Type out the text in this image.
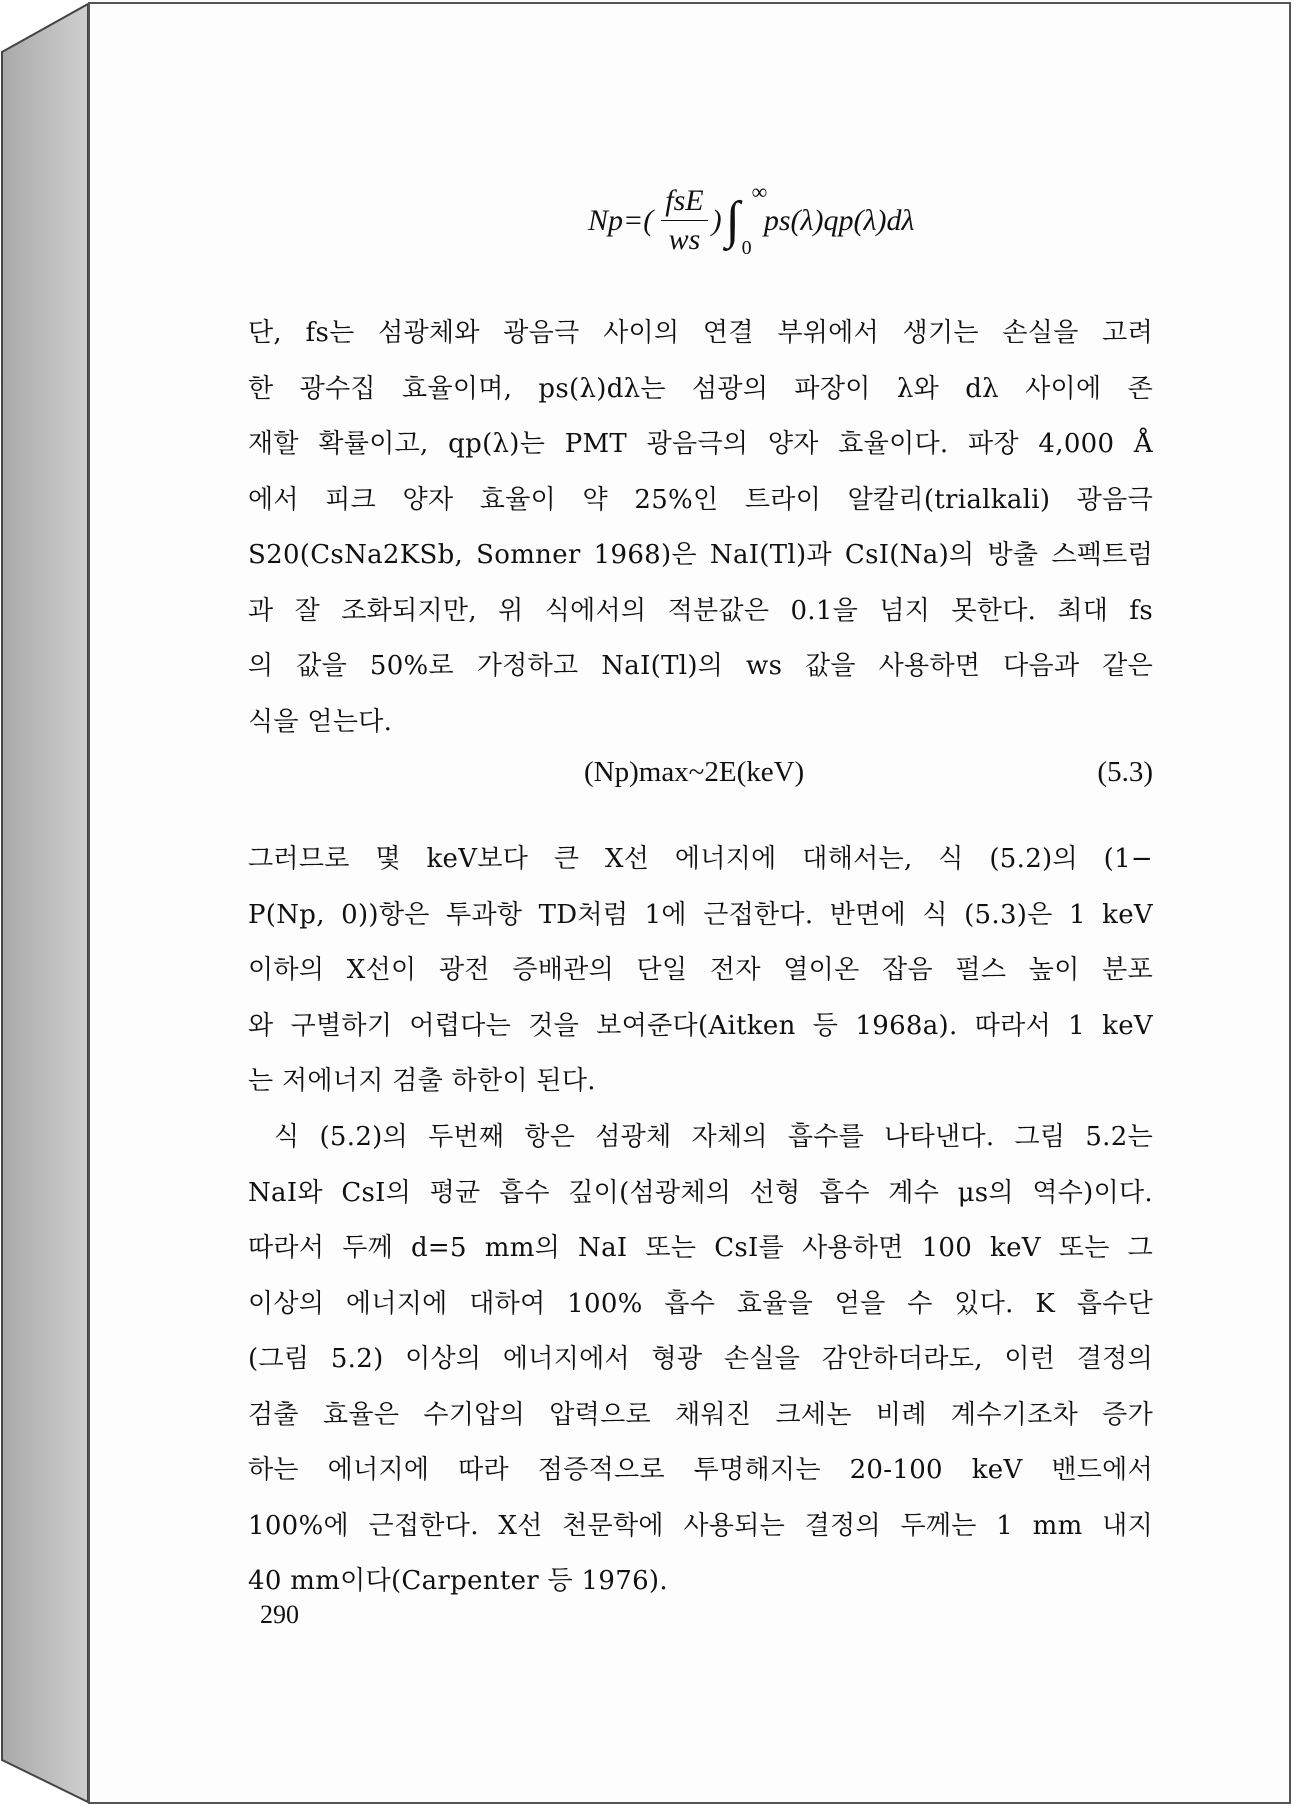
$Np=( \frac{\text{fsE}}{ws}$ ) ∫
∞
0
ps(λ)qp(λ)dλ
단, fs는 섬광체와 광음극 사이의 연결 부위에서 생기는 손실을 고려
한 광수집 효율이며, ps(λ)dλ는 섬광의 파장이 λ와 dλ 사이에 존
재할 확률이고, qp(λ)는 PMT 광음극의 양자 효율이다. 파장 4,000 Å
에서 피크 양자 효율이 약 25%인 트라이 알칼리(trialkali) 광음극
S20(CsNa2KSb, Somner 1968)은 NaI(Tl)과 CsI(Na)의 방출 스펙트럼
과 잘 조화되지만, 위 식에서의 적분값은 0.1을 넘지 못한다. 최대 fs
의 값을 50%로 가정하고 NaI(Tl)의 ws 값을 사용하면 다음과 같은
식을 얻는다.
(Np)max~2E(keV)	(5.3)
그러므로 몇 keV보다 큰 X선 에너지에 대해서는, 식 (5.2)의 (1−
P(Np, 0))항은 투과항 TD처럼 1에 근접한다. 반면에 식 (5.3)은 1 keV
이하의 X선이 광전 증배관의 단일 전자 열이온 잡음 펄스 높이 분포
와 구별하기 어렵다는 것을 보여준다(Aitken 등 1968a). 따라서 1 keV
는 저에너지 검출 하한이 된다.
식 (5.2)의 두번째 항은 섬광체 자체의 흡수를 나타낸다. 그림 5.2는
NaI와 CsI의 평균 흡수 깊이(섬광체의 선형 흡수 계수 μs의 역수)이다.
따라서 두께 d=5 mm의 NaI 또는 CsI를 사용하면 100 keV 또는 그
이상의 에너지에 대하여 100% 흡수 효율을 얻을 수 있다. K 흡수단
(그림 5.2) 이상의 에너지에서 형광 손실을 감안하더라도, 이런 결정의
검출 효율은 수기압의 압력으로 채워진 크세논 비례 계수기조차 증가
하는 에너지에 따라 점증적으로 투명해지는 20-100 keV 밴드에서
100%에 근접한다. X선 천문학에 사용되는 결정의 두께는 1 mm 내지
40 mm이다(Carpenter 등 1976).
290
